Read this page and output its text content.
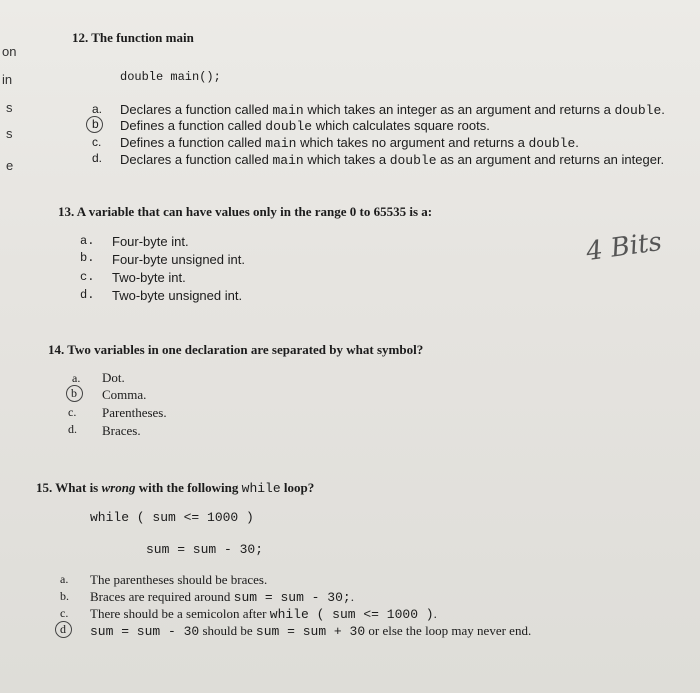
on
in
s
s
e
12. The function main
double main();
a. Declares a function called main which takes an integer as an argument and returns a double.
b Defines a function called double which calculates square roots.
c. Defines a function called main which takes no argument and returns a double.
d. Declares a function called main which takes a double as an argument and returns an integer.
13. A variable that can have values only in the range 0 to 65535 is a:
a. Four-byte int.
b. Four-byte unsigned int.
c. Two-byte int.
d. Two-byte unsigned int.
4 Bits
14. Two variables in one declaration are separated by what symbol?
a. Dot.
b Comma.
c. Parentheses.
d. Braces.
15. What is wrong with the following while loop?
while ( sum <= 1000 )
sum = sum - 30;
a. The parentheses should be braces.
b. Braces are required around sum = sum - 30;.
c. There should be a semicolon after while ( sum <= 1000 ).
d sum = sum - 30 should be sum = sum + 30 or else the loop may never end.
